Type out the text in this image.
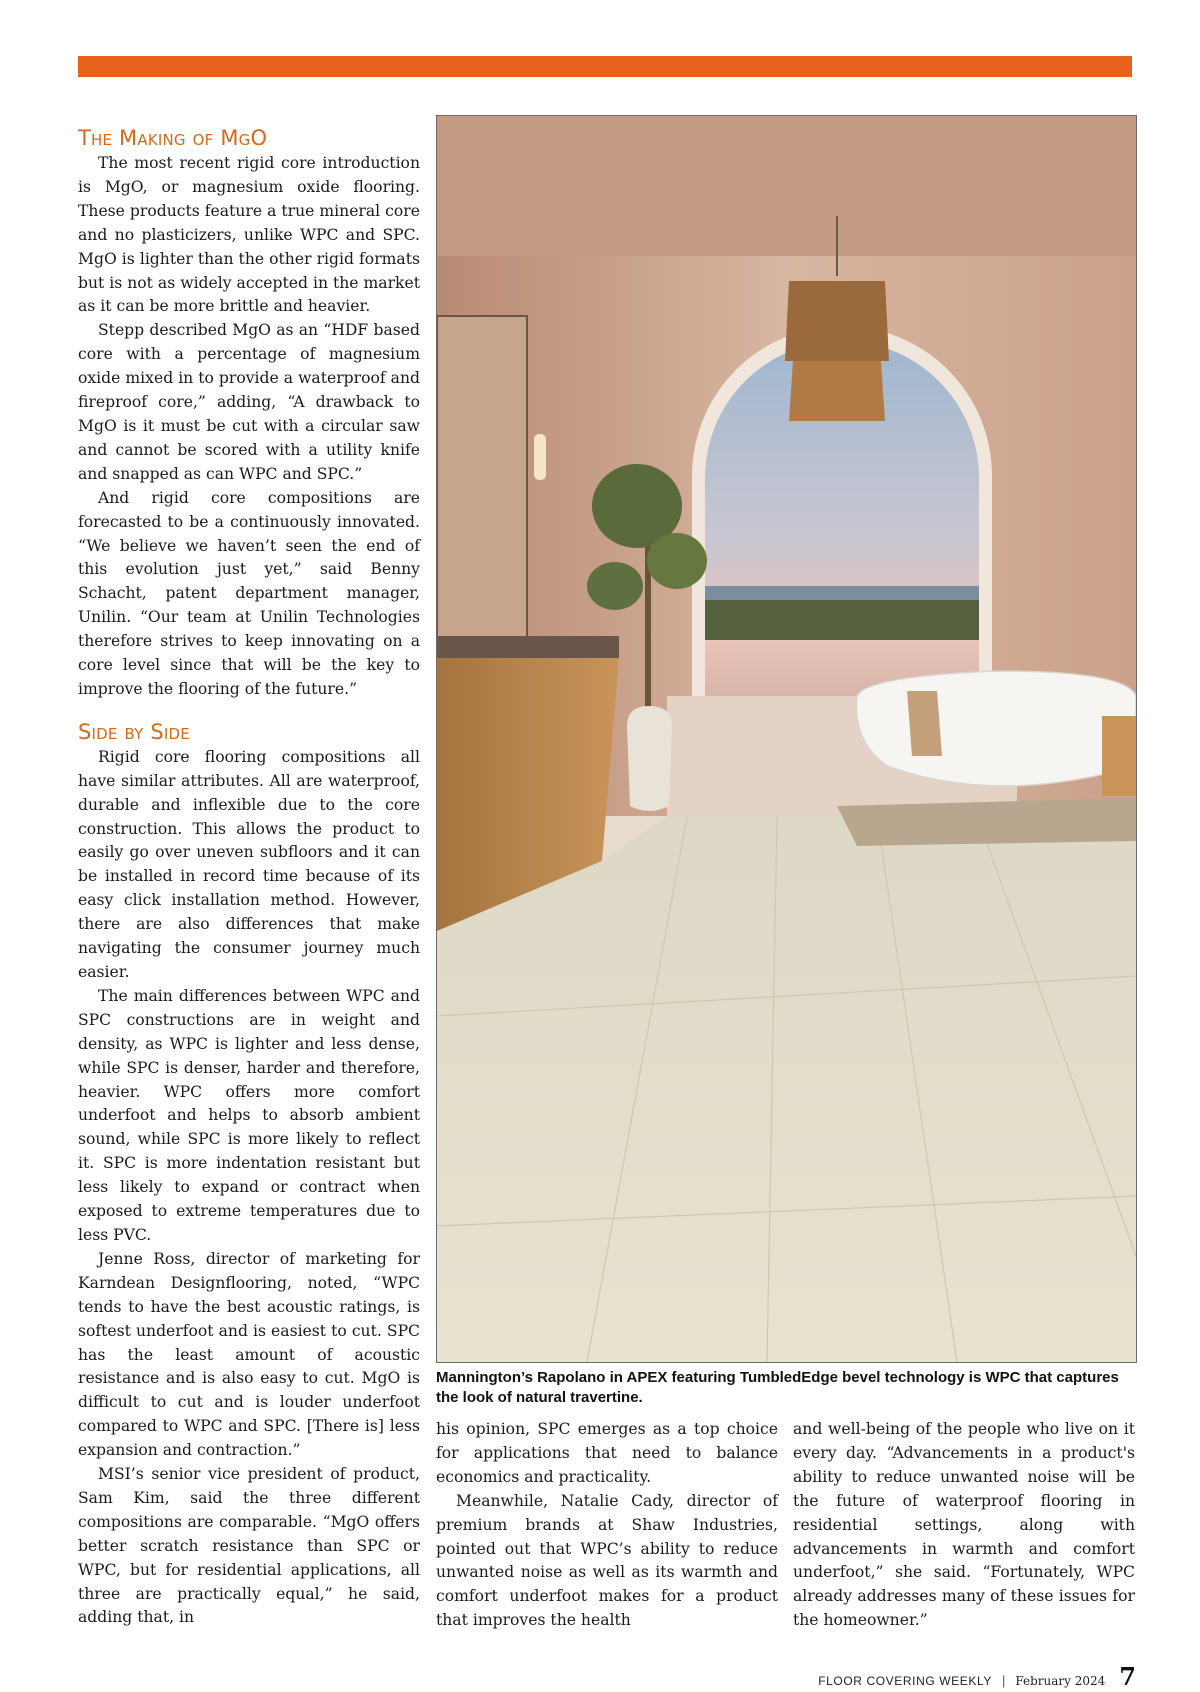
The Making of MgO

The most recent rigid core introduction is MgO, or magnesium oxide flooring. These products feature a true mineral core and no plasticizers, unlike WPC and SPC. MgO is lighter than the other rigid formats but is not as widely accepted in the market as it can be more brittle and heavier.

Stepp described MgO as an “HDF based core with a percentage of magnesium oxide mixed in to provide a waterproof and fireproof core,” adding, “A drawback to MgO is it must be cut with a circular saw and cannot be scored with a utility knife and snapped as can WPC and SPC.”

And rigid core compositions are forecasted to be a continuously innovated. “We believe we haven’t seen the end of this evolution just yet,” said Benny Schacht, patent department manager, Unilin. “Our team at Unilin Technologies therefore strives to keep innovating on a core level since that will be the key to improve the flooring of the future.”

Side by Side

Rigid core flooring compositions all have similar attributes. All are waterproof, durable and inflexible due to the core construction. This allows the product to easily go over uneven subfloors and it can be installed in record time because of its easy click installation method. However, there are also differences that make navigating the consumer journey much easier.

The main differences between WPC and SPC constructions are in weight and density, as WPC is lighter and less dense, while SPC is denser, harder and therefore, heavier. WPC offers more comfort underfoot and helps to absorb ambient sound, while SPC is more likely to reflect it. SPC is more indentation resistant but less likely to expand or contract when exposed to extreme temperatures due to less PVC.

Jenne Ross, director of marketing for Karndean Designflooring, noted, “WPC tends to have the best acoustic ratings, is softest underfoot and is easiest to cut. SPC has the least amount of acoustic resistance and is also easy to cut. MgO is difficult to cut and is louder underfoot compared to WPC and SPC. [There is] less expansion and contraction.”

MSI’s senior vice president of product, Sam Kim, said the three different compositions are comparable. “MgO offers better scratch resistance than SPC or WPC, but for residential applications, all three are practically equal,” he said, adding that, in

Mannington’s Rapolano in APEX featuring TumbledEdge bevel technology is WPC that captures the look of natural travertine.

his opinion, SPC emerges as a top choice for applications that need to balance economics and practicality.

Meanwhile, Natalie Cady, director of premium brands at Shaw Industries, pointed out that WPC’s ability to reduce unwanted noise as well as its warmth and comfort underfoot makes for a product that improves the health

and well-being of the people who live on it every day. “Advancements in a product's ability to reduce unwanted noise will be the future of waterproof flooring in residential settings, along with advancements in warmth and comfort underfoot,” she said. “Fortunately, WPC already addresses many of these issues for the homeowner.”

FLOOR COVERING WEEKLY | February 2024 7
